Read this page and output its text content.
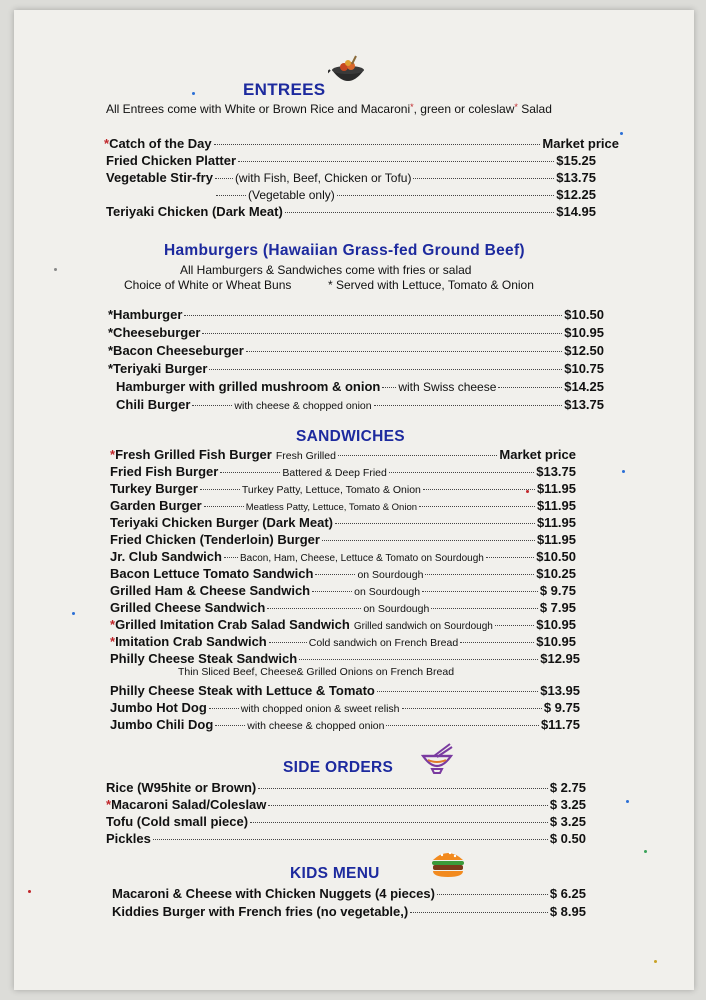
ENTREES
All Entrees come with White or Brown Rice and Macaroni*, green or coleslaw* Salad
*Catch of the Day	Market price
Fried Chicken Platter	$15.25
Vegetable Stir-fry (with Fish, Beef, Chicken or Tofu)	$13.75
(Vegetable only)	$12.25
Teriyaki Chicken (Dark Meat)	$14.95
Hamburgers (Hawaiian Grass-fed Ground Beef)
All Hamburgers & Sandwiches come with fries or salad
Choice of White or Wheat Buns	* Served with Lettuce, Tomato & Onion
*Hamburger	$10.50
*Cheeseburger	$10.95
*Bacon Cheeseburger	$12.50
*Teriyaki Burger	$10.75
Hamburger with grilled mushroom & onion with Swiss cheese	$14.25
Chili Burger	with cheese & chopped onion	$13.75
SANDWICHES
*Fresh Grilled Fish Burger Fresh Grilled	Market price
Fried Fish Burger	Battered & Deep Fried	$13.75
Turkey Burger	Turkey Patty, Lettuce, Tomato & Onion	$11.95
Garden Burger	Meatless Patty, Lettuce, Tomato & Onion	$11.95
Teriyaki Chicken Burger (Dark Meat)	$11.95
Fried Chicken (Tenderloin) Burger	$11.95
Jr. Club Sandwich Bacon, Ham, Cheese, Lettuce & Tomato on Sourdough	$10.50
Bacon Lettuce Tomato Sandwich	on Sourdough	$10.25
Grilled Ham & Cheese Sandwich	on Sourdough	$ 9.75
Grilled Cheese Sandwich	on Sourdough	$ 7.95
*Grilled Imitation Crab Salad Sandwich Grilled sandwich on Sourdough	$10.95
*Imitation Crab Sandwich	Cold sandwich on French Bread	$10.95
Philly Cheese Steak Sandwich	$12.95
Thin Sliced Beef, Cheese& Grilled Onions on French Bread
Philly Cheese Steak with Lettuce & Tomato	$13.95
Jumbo Hot Dog	with chopped onion & sweet relish	$ 9.75
Jumbo Chili Dog	with cheese & chopped onion	$11.75
SIDE ORDERS
Rice (W95hite or Brown)	$ 2.75
*Macaroni Salad/Coleslaw	$ 3.25
Tofu (Cold small piece)	$ 3.25
Pickles	$ 0.50
KIDS MENU
Macaroni & Cheese with Chicken Nuggets (4 pieces)	$ 6.25
Kiddies Burger with French fries (no vegetable,)	$ 8.95
